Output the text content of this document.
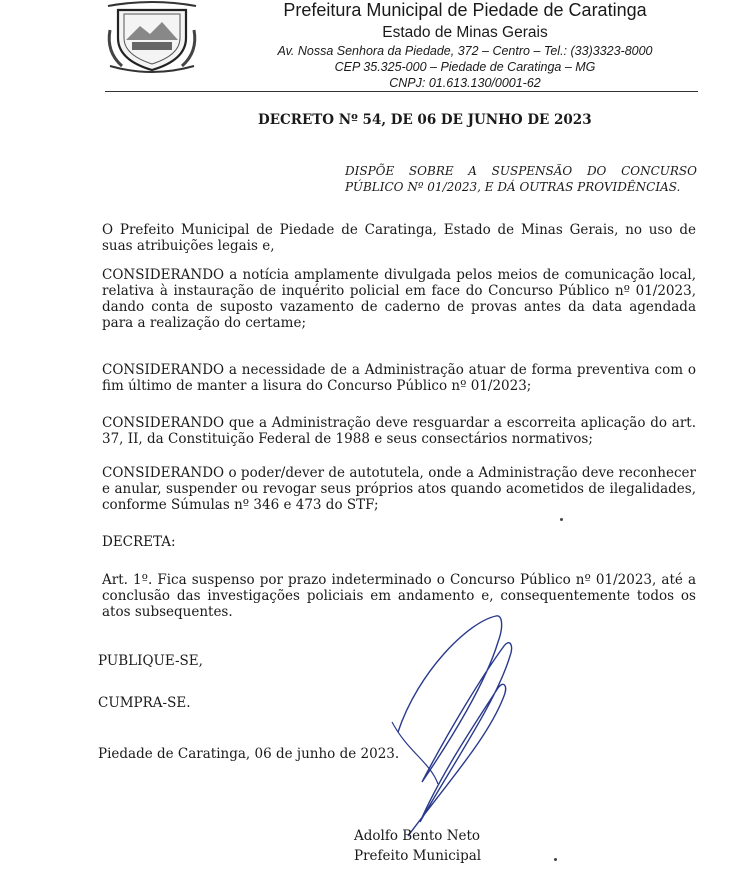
Prefeitura Municipal de Piedade de Caratinga
Estado de Minas Gerais
Av. Nossa Senhora da Piedade, 372 – Centro – Tel.: (33)3323-8000
CEP 35.325-000 – Piedade de Caratinga – MG
CNPJ: 01.613.130/0001-62
DECRETO Nº 54, DE 06 DE JUNHO DE 2023
DISPÕE SOBRE A SUSPENSÃO DO CONCURSO PÚBLICO Nº 01/2023, E DÁ OUTRAS PROVIDÊNCIAS.
O Prefeito Municipal de Piedade de Caratinga, Estado de Minas Gerais, no uso de suas atribuições legais e,
CONSIDERANDO a notícia amplamente divulgada pelos meios de comunicação local, relativa à instauração de inquérito policial em face do Concurso Público nº 01/2023, dando conta de suposto vazamento de caderno de provas antes da data agendada para a realização do certame;
CONSIDERANDO a necessidade de a Administração atuar de forma preventiva com o fim último de manter a lisura do Concurso Público nº 01/2023;
CONSIDERANDO que a Administração deve resguardar a escorreita aplicação do art. 37, II, da Constituição Federal de 1988 e seus consectários normativos;
CONSIDERANDO o poder/dever de autotutela, onde a Administração deve reconhecer e anular, suspender ou revogar seus próprios atos quando acometidos de ilegalidades, conforme Súmulas nº 346 e 473 do STF;
DECRETA:
Art. 1º. Fica suspenso por prazo indeterminado o Concurso Público nº 01/2023, até a conclusão das investigações policiais em andamento e, consequentemente todos os atos subsequentes.
PUBLIQUE-SE,
CUMPRA-SE.
Piedade de Caratinga, 06 de junho de 2023.
Adolfo Bento Neto
Prefeito Municipal
